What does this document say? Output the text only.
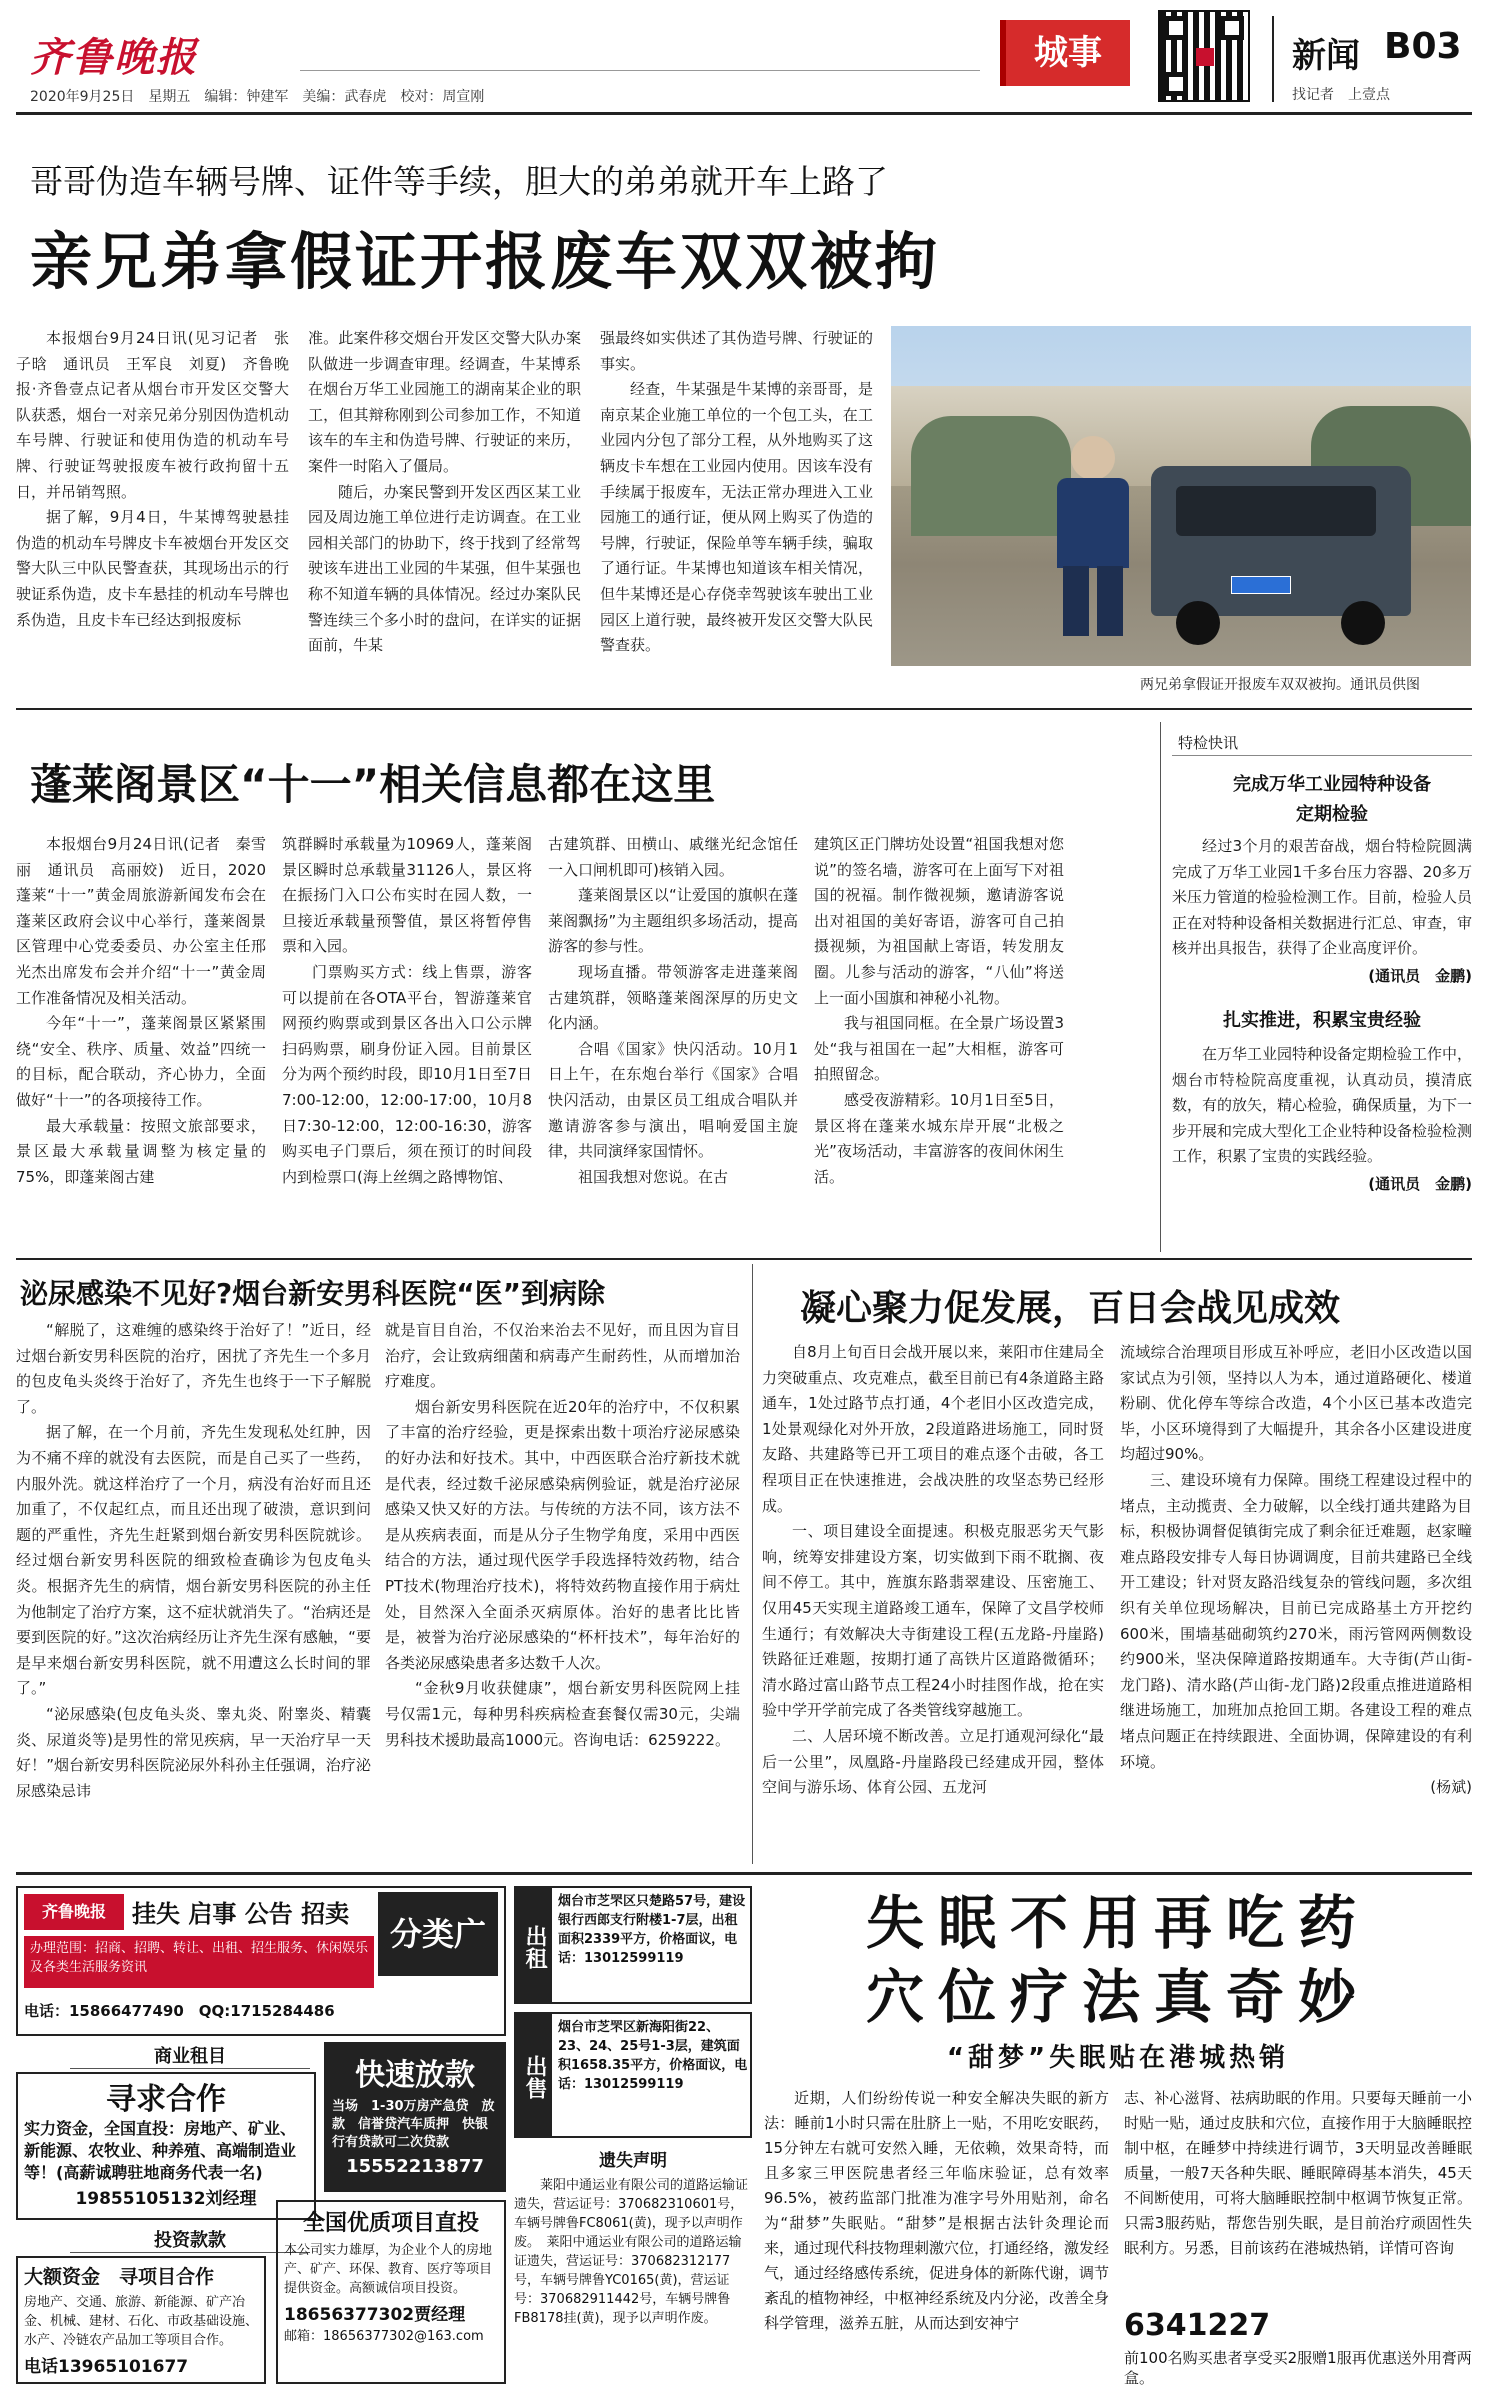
齐鲁晚报
2020年9月25日　星期五　编辑：钟建军　美编：武春虎　校对：周宣刚
城事	新闻 B03
找记者　上壹点
哥哥伪造车辆号牌、证件等手续，胆大的弟弟就开车上路了
亲兄弟拿假证开报废车双双被拘

本报烟台9月24日讯(见习记者　张子晗　通讯员　王军良　刘夏)　齐鲁晚报·齐鲁壹点记者从烟台市开发区交警大队获悉，烟台一对亲兄弟分别因伪造机动车号牌、行驶证和使用伪造的机动车号牌、行驶证驾驶报废车被行政拘留十五日，并吊销驾照。

据了解，9月4日，牛某博驾驶悬挂伪造的机动车号牌皮卡车被烟台开发区交警大队三中队民警查获，其现场出示的行驶证系伪造，皮卡车悬挂的机动车号牌也系伪造，且皮卡车已经达到报废标

准。此案件移交烟台开发区交警大队办案队做进一步调查审理。经调查，牛某博系在烟台万华工业园施工的湖南某企业的职工，但其辩称刚到公司参加工作，不知道该车的车主和伪造号牌、行驶证的来历，案件一时陷入了僵局。

随后，办案民警到开发区西区某工业园及周边施工单位进行走访调查。在工业园相关部门的协助下，终于找到了经常驾驶该车进出工业园的牛某强，但牛某强也称不知道车辆的具体情况。经过办案队民警连续三个多小时的盘问，在详实的证据面前，牛某

强最终如实供述了其伪造号牌、行驶证的事实。

经查，牛某强是牛某博的亲哥哥，是南京某企业施工单位的一个包工头，在工业园内分包了部分工程，从外地购买了这辆皮卡车想在工业园内使用。因该车没有手续属于报废车，无法正常办理进入工业园施工的通行证，便从网上购买了伪造的号牌，行驶证，保险单等车辆手续，骗取了通行证。牛某博也知道该车相关情况，但牛某博还是心存侥幸驾驶该车驶出工业园区上道行驶，最终被开发区交警大队民警查获。

两兄弟拿假证开报废车双双被拘。通讯员供图
蓬莱阁景区“十一”相关信息都在这里

本报烟台9月24日讯(记者　秦雪丽　通讯员　高丽姣)　近日，2020蓬莱“十一”黄金周旅游新闻发布会在蓬莱区政府会议中心举行，蓬莱阁景区管理中心党委委员、办公室主任邢光杰出席发布会并介绍“十一”黄金周工作准备情况及相关活动。

今年“十一”，蓬莱阁景区紧紧围绕“安全、秩序、质量、效益”四统一的目标，配合联动，齐心协力，全面做好“十一”的各项接待工作。

最大承载量：按照文旅部要求，景区最大承载量调整为核定量的75%，即蓬莱阁古建

筑群瞬时承载量为10969人，蓬莱阁景区瞬时总承载量31126人，景区将在振扬门入口公布实时在园人数，一旦接近承载量预警值，景区将暂停售票和入园。

门票购买方式：线上售票，游客可以提前在各OTA平台，智游蓬莱官网预约购票或到景区各出入口公示牌扫码购票，刷身份证入园。目前景区分为两个预约时段，即10月1日至7日7:00-12:00，12:00-17:00，10月8日7:30-12:00，12:00-16:30，游客购买电子门票后，须在预订的时间段内到检票口(海上丝绸之路博物馆、

古建筑群、田横山、戚继光纪念馆任一入口闸机即可)核销入园。

蓬莱阁景区以“让爱国的旗帜在蓬莱阁飘扬”为主题组织多场活动，提高游客的参与性。

现场直播。带领游客走进蓬莱阁古建筑群，领略蓬莱阁深厚的历史文化内涵。

合唱《国家》快闪活动。10月1日上午，在东炮台举行《国家》合唱快闪活动，由景区员工组成合唱队并邀请游客参与演出，唱响爱国主旋律，共同演绎家国情怀。

祖国我想对您说。在古

建筑区正门牌坊处设置“祖国我想对您说”的签名墙，游客可在上面写下对祖国的祝福。制作微视频，邀请游客说出对祖国的美好寄语，游客可自己拍摄视频，为祖国献上寄语，转发朋友圈。儿参与活动的游客，“八仙”将送上一面小国旗和神秘小礼物。

我与祖国同框。在全景广场设置3处“我与祖国在一起”大相框，游客可拍照留念。

感受夜游精彩。10月1日至5日，景区将在蓬莱水城东岸开展“北极之光”夜场活动，丰富游客的夜间休闲生活。

特检快讯
完成万华工业园特种设备定期检验

经过3个月的艰苦奋战，烟台特检院圆满完成了万华工业园1千多台压力容器、20多万米压力管道的检验检测工作。目前，检验人员正在对特种设备相关数据进行汇总、审查，审核并出具报告，获得了企业高度评价。

(通讯员　金鹏)
扎实推进，积累宝贵经验

在万华工业园特种设备定期检验工作中，烟台市特检院高度重视，认真动员，摸清底数，有的放矢，精心检验，确保质量，为下一步开展和完成大型化工企业特种设备检验检测工作，积累了宝贵的实践经验。

(通讯员　金鹏)
泌尿感染不见好?烟台新安男科医院“医”到病除

“解脱了，这难缠的感染终于治好了！”近日，经过烟台新安男科医院的治疗，困扰了齐先生一个多月的包皮龟头炎终于治好了，齐先生也终于一下子解脱了。

据了解，在一个月前，齐先生发现私处红肿，因为不痛不痒的就没有去医院，而是自己买了一些药，内服外洗。就这样治疗了一个月，病没有治好而且还加重了，不仅起红点，而且还出现了破溃，意识到问题的严重性，齐先生赶紧到烟台新安男科医院就诊。经过烟台新安男科医院的细致检查确诊为包皮龟头炎。根据齐先生的病情，烟台新安男科医院的孙主任为他制定了治疗方案，这不症状就消失了。“治病还是要到医院的好。”这次治病经历让齐先生深有感触，“要是早来烟台新安男科医院，就不用遭这么长时间的罪了。”

“泌尿感染(包皮龟头炎、睾丸炎、附睾炎、精囊炎、尿道炎等)是男性的常见疾病，早一天治疗早一天好！”烟台新安男科医院泌尿外科孙主任强调，治疗泌尿感染忌讳

就是盲目自治，不仅治来治去不见好，而且因为盲目治疗，会让致病细菌和病毒产生耐药性，从而增加治疗难度。

烟台新安男科医院在近20年的治疗中，不仅积累了丰富的治疗经验，更是探索出数十项治疗泌尿感染的好办法和好技术。其中，中西医联合治疗新技术就是代表，经过数千泌尿感染病例验证，就是治疗泌尿感染又快又好的方法。与传统的方法不同，该方法不是从疾病表面，而是从分子生物学角度，采用中西医结合的方法，通过现代医学手段选择特效药物，结合PT技术(物理治疗技术)，将特效药物直接作用于病灶处，目然深入全面杀灭病原体。治好的患者比比皆是，被誉为治疗泌尿感染的“杯杆技术”，每年治好的各类泌尿感染患者多达数千人次。

“金秋9月收获健康”，烟台新安男科医院网上挂号仅需1元，每种男科疾病检查套餐仅需30元，尖端男科技术援助最高1000元。咨询电话：6259222。

凝心聚力促发展，百日会战见成效

自8月上旬百日会战开展以来，莱阳市住建局全力突破重点、攻克难点，截至目前已有4条道路主路通车，1处过路节点打通，4个老旧小区改造完成，1处景观绿化对外开放，2段道路进场施工，同时贤友路、共建路等已开工项目的难点逐个击破，各工程项目正在快速推进，会战决胜的攻坚态势已经形成。

一、项目建设全面提速。积极克服恶劣天气影响，统筹安排建设方案，切实做到下雨不耽搁、夜间不停工。其中，旌旗东路翡翠建设、压密施工、仅用45天实现主道路竣工通车，保障了文昌学校师生通行；有效解决大寺街建设工程(五龙路-丹崖路)铁路征迁难题，按期打通了高铁片区道路微循环；清水路过富山路节点工程24小时挂图作战，抢在实验中学开学前完成了各类管线穿越施工。

二、人居环境不断改善。立足打通观河绿化“最后一公里”，凤凰路-丹崖路段已经建成开园，整体空间与游乐场、体育公园、五龙河

流域综合治理项目形成互补呼应，老旧小区改造以国家试点为引领，坚持以人为本，通过道路硬化、楼道粉刷、优化停车等综合改造，4个小区已基本改造完毕，小区环境得到了大幅提升，其余各小区建设进度均超过90%。

三、建设环境有力保障。围绕工程建设过程中的堵点，主动揽责、全力破解，以全线打通共建路为目标，积极协调督促镇街完成了剩余征迁难题，赵家疃难点路段安排专人每日协调调度，目前共建路已全线开工建设；针对贤友路沿线复杂的管线问题，多次组织有关单位现场解决，目前已完成路基土方开挖约600米，围墙基础砌筑约270米，雨污管网两侧数设约900米，坚决保障道路按期通车。大寺街(芦山街-龙门路)、清水路(芦山街-龙门路)2段重点推进道路相继进场施工，加班加点抢回工期。各建设工程的难点堵点问题正在持续跟进、全面协调，保障建设的有利环境。

(杨斌)

齐鲁晚报	挂失 启事 公告 招卖
分类广告
办理范围：招商、招聘、转让、出租、招生服务、休闲娱乐及各类生活服务资讯
电话：15866477490　QQ:1715284486
出租
烟台市芝罘区只楚路57号，建设银行西郎支行附楼1-7层，出租面积2339平方，价格面议，电话：13012599119
出售
烟台市芝罘区新海阳街22、23、24、25号1-3层，建筑面积1658.35平方，价格面议，电话：13012599119
商业租目
寻求合作
实力资金，全国直投：房地产、矿业、新能源、农牧业、种养殖、高端制造业等！(高薪诚聘驻地商务代表一名)
19855105132刘经理
快速放款
当场　1-30万房产急贷　放款　信誉贷汽车质押　快银行有贷款可二次贷款
15552213877	遗失声明
莱阳中通运业有限公司的道路运输证遗失，营运证号：370682310601号，车辆号牌鲁FC8061(黄)，现予以声明作废。　莱阳中通运业有限公司的道路运输证遗失，营运证号：370682312177号，车辆号牌鲁YC0165(黄)，营运证号：370682911442号，车辆号牌鲁FB8178挂(黄)，现予以声明作废。
投资款款
大额资金　寻项目合作
房地产、交通、旅游、新能源、矿产冶金、机械、建材、石化、市政基础设施、水产、冷链农产品加工等项目合作。
电话13965101677
全国优质项目直投
本公司实力雄厚，为企业个人的房地产、矿产、环保、教育、医疗等项目提供资金。高额诚信项目投资。
18656377302贾经理
邮箱：18656377302@163.com
失眠不用再吃药
穴位疗法真奇妙
“甜梦”失眠贴在港城热销
近期，人们纷纷传说一种安全解决失眠的新方法：睡前1小时只需在肚脐上一贴，不用吃安眠药，15分钟左右就可安然入睡，无依赖，效果奇特，而且多家三甲医院患者经三年临床验证，总有效率96.5%，被药监部门批准为准字号外用贴剂，命名为“甜梦”失眠贴。“甜梦”是根据古法针灸理论而来，通过现代科技物理刺激穴位，打通经络，激发经气，通过经络感传系统，促进身体的新陈代谢，调节紊乱的植物神经，中枢神经系统及内分泌，改善全身科学管理，滋养五脏，从而达到安神宁
志、补心滋肾、祛病助眠的作用。只要每天睡前一小时贴一贴，通过皮肤和穴位，直接作用于大脑睡眠控制中枢，在睡梦中持续进行调节，3天明显改善睡眠质量，一般7天各种失眠、睡眠障碍基本消失，45天不间断使用，可将大脑睡眠控制中枢调节恢复正常。只需3服药贴，帮您告别失眠，是目前治疗顽固性失眠利方。另悉，目前该药在港城热销，详情可咨询
6341227
前100名购买患者享受买2服赠1服再优惠送外用膏两盒。
